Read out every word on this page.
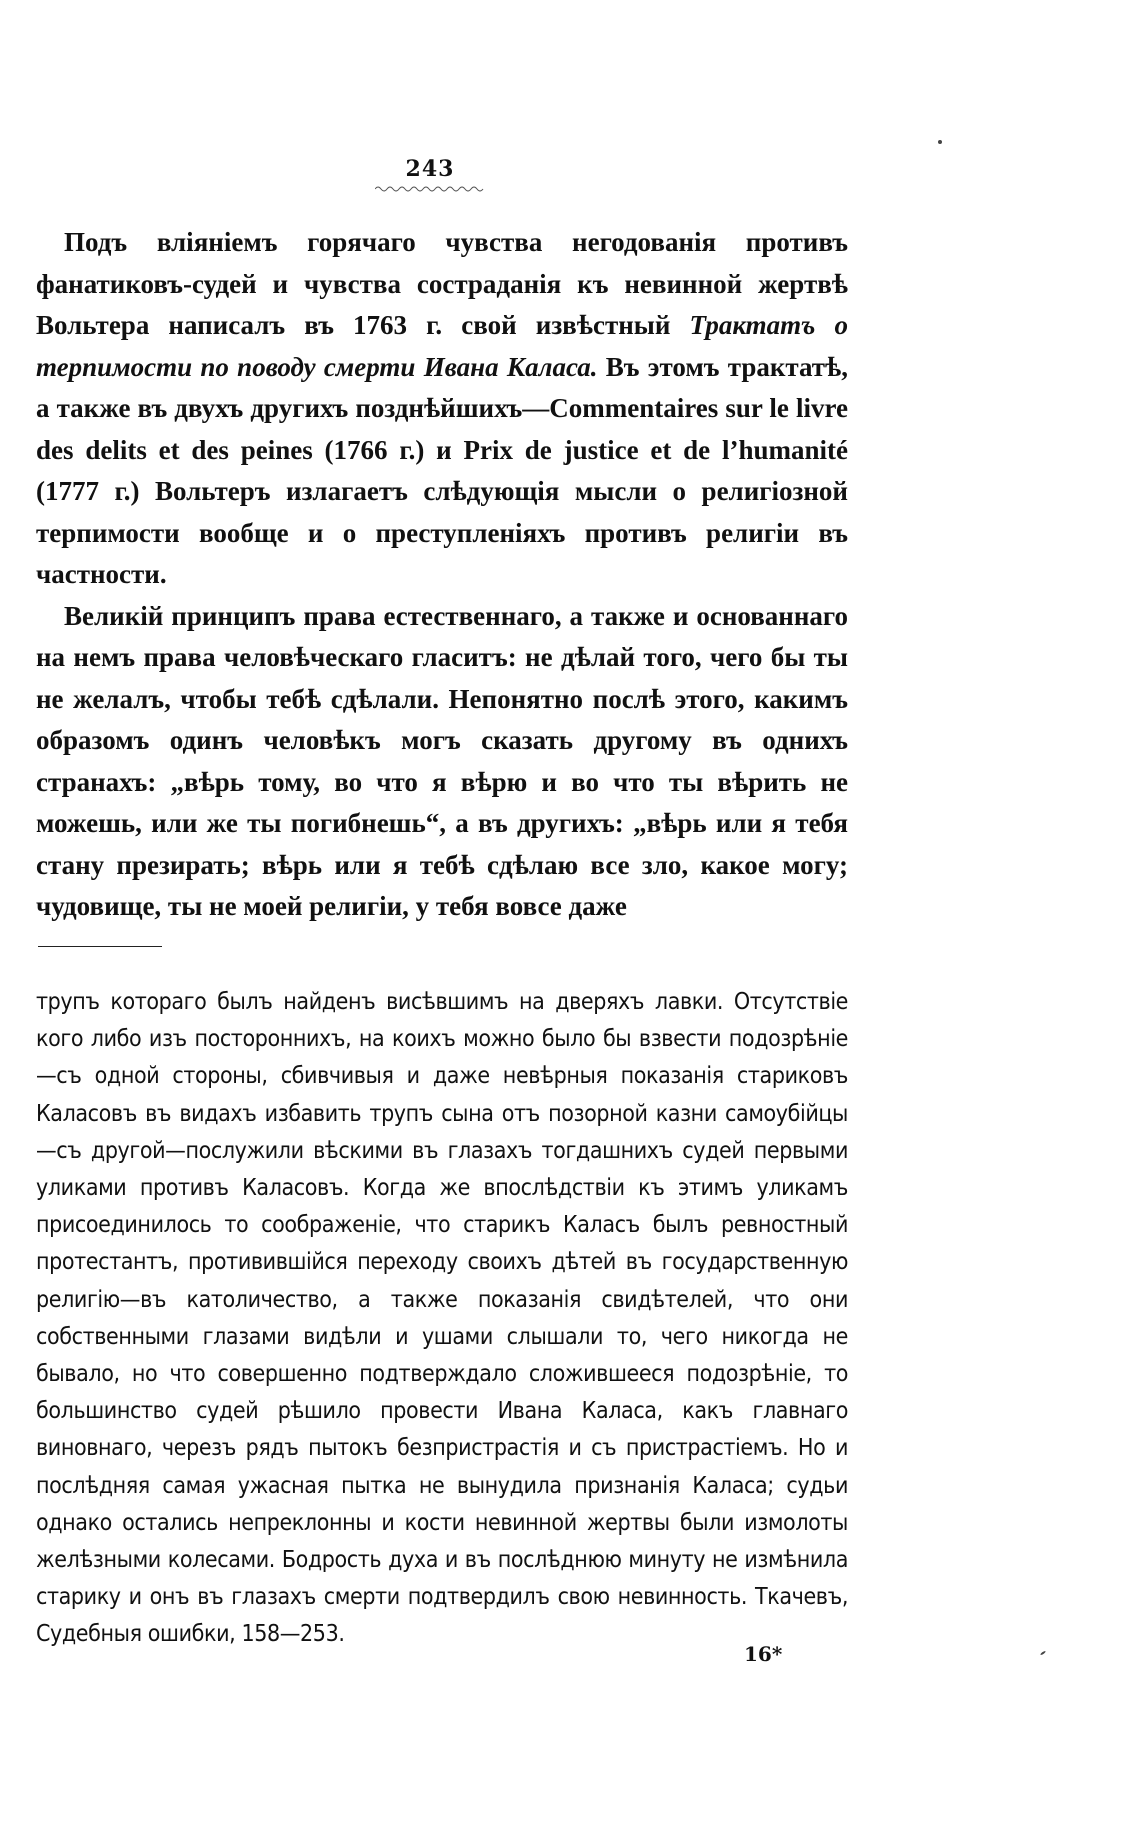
243

Подъ вліяніемъ горячаго чувства негодованія противъ фанатиковъ-судей и чувства состраданія къ невинной жертвѣ Вольтера написалъ въ 1763 г. свой извѣстный Трактатъ о терпимости по поводу смерти Ивана Каласа. Въ этомъ трактатѣ, а также въ двухъ другихъ позднѣйшихъ—Commentaires sur le livre des delits et des peines (1766 г.) и Prix de justice et de l’humanité (1777 г.) Вольтеръ излагаетъ слѣдующія мысли о религіозной терпимости вообще и о преступленіяхъ противъ религіи въ частности.

Великій принципъ права естественнаго, а также и основаннаго на немъ права человѣческаго гласитъ: не дѣлай того, чего бы ты не желалъ, чтобы тебѣ сдѣлали. Непонятно послѣ этого, какимъ образомъ одинъ человѣкъ могъ сказать другому въ однихъ странахъ: „вѣрь тому, во что я вѣрю и во что ты вѣрить не можешь, или же ты погибнешь“, а въ другихъ: „вѣрь или я тебя стану презирать; вѣрь или я тебѣ сдѣлаю все зло, какое могу; чудовище, ты не моей религіи, у тебя вовсе даже

трупъ котораго былъ найденъ висѣвшимъ на дверяхъ лавки. Отсутствіе кого либо изъ постороннихъ, на коихъ можно было бы взвести подозрѣніе—съ одной стороны, сбивчивыя и даже невѣрныя показанія стариковъ Каласовъ въ видахъ избавить трупъ сына отъ позорной казни самоубійцы—съ другой—послужили вѣскими въ глазахъ тогдашнихъ судей первыми уликами противъ Каласовъ. Когда же впослѣдствіи къ этимъ уликамъ присоединилось то соображеніе, что старикъ Каласъ былъ ревностный протестантъ, противившійся переходу своихъ дѣтей въ государственную религію—въ католичество, а также показанія свидѣтелей, что они собственными глазами видѣли и ушами слышали то, чего никогда не бывало, но что совершенно подтверждало сложившееся подозрѣніе, то большинство судей рѣшило провести Ивана Каласа, какъ главнаго виновнаго, черезъ рядъ пытокъ безпристрастія и съ пристрастіемъ. Но и послѣдняя самая ужасная пытка не вынудила признанія Каласа; судьи однако остались непреклонны и кости невинной жертвы были измолоты желѣзными колесами. Бодрость духа и въ послѣднюю минуту не измѣнила старику и онъ въ глазахъ смерти подтвердилъ свою невинность. Ткачевъ, Судебныя ошибки, 158—253.

16*
